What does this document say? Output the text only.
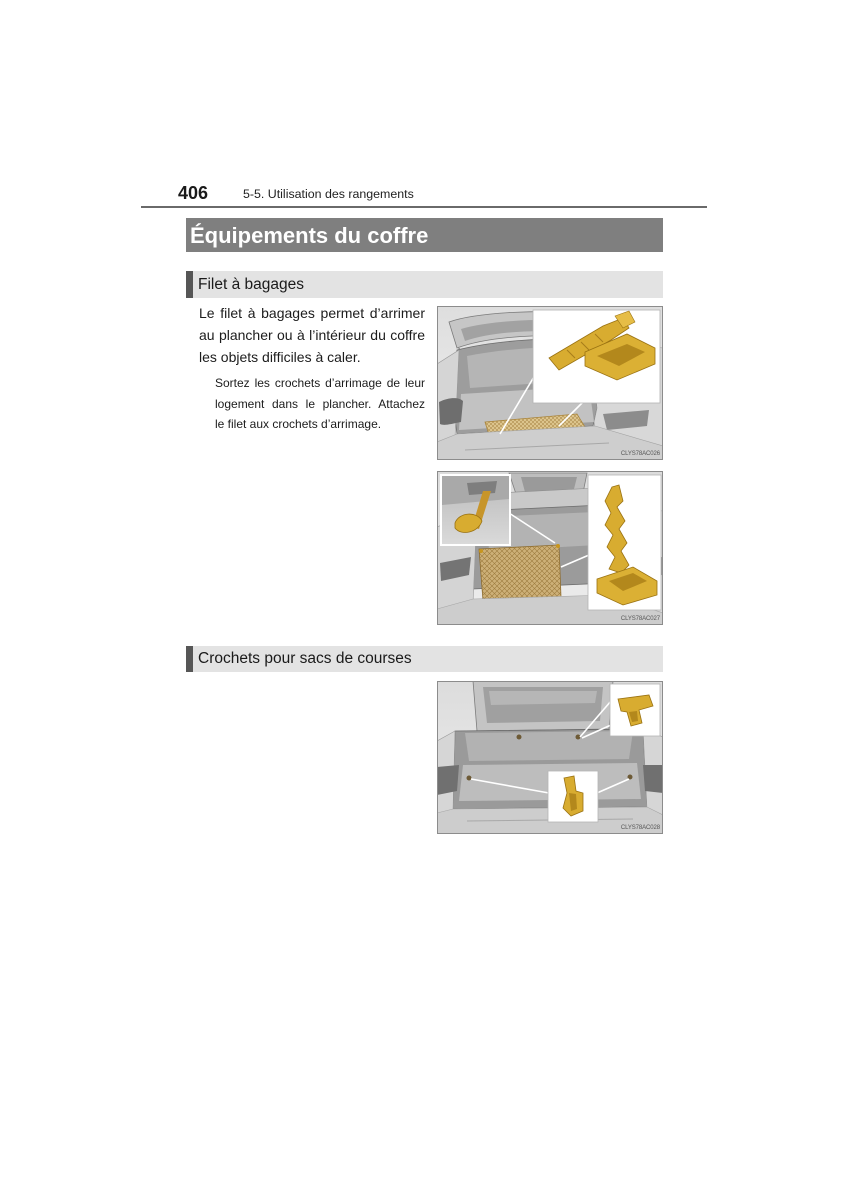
406	5-5. Utilisation des rangements
Équipements du coffre
Filet à bagages
Le filet à bagages permet d’arrimer
au plancher ou à l’intérieur du coffre
les objets difficiles à caler.
Sortez les crochets d’arrimage de leur
logement dans le plancher. Attachez
le filet aux crochets d’arrimage.
CLYS78AC026
CLYS78AC027
Crochets pour sacs de courses
CLYS78AC028
